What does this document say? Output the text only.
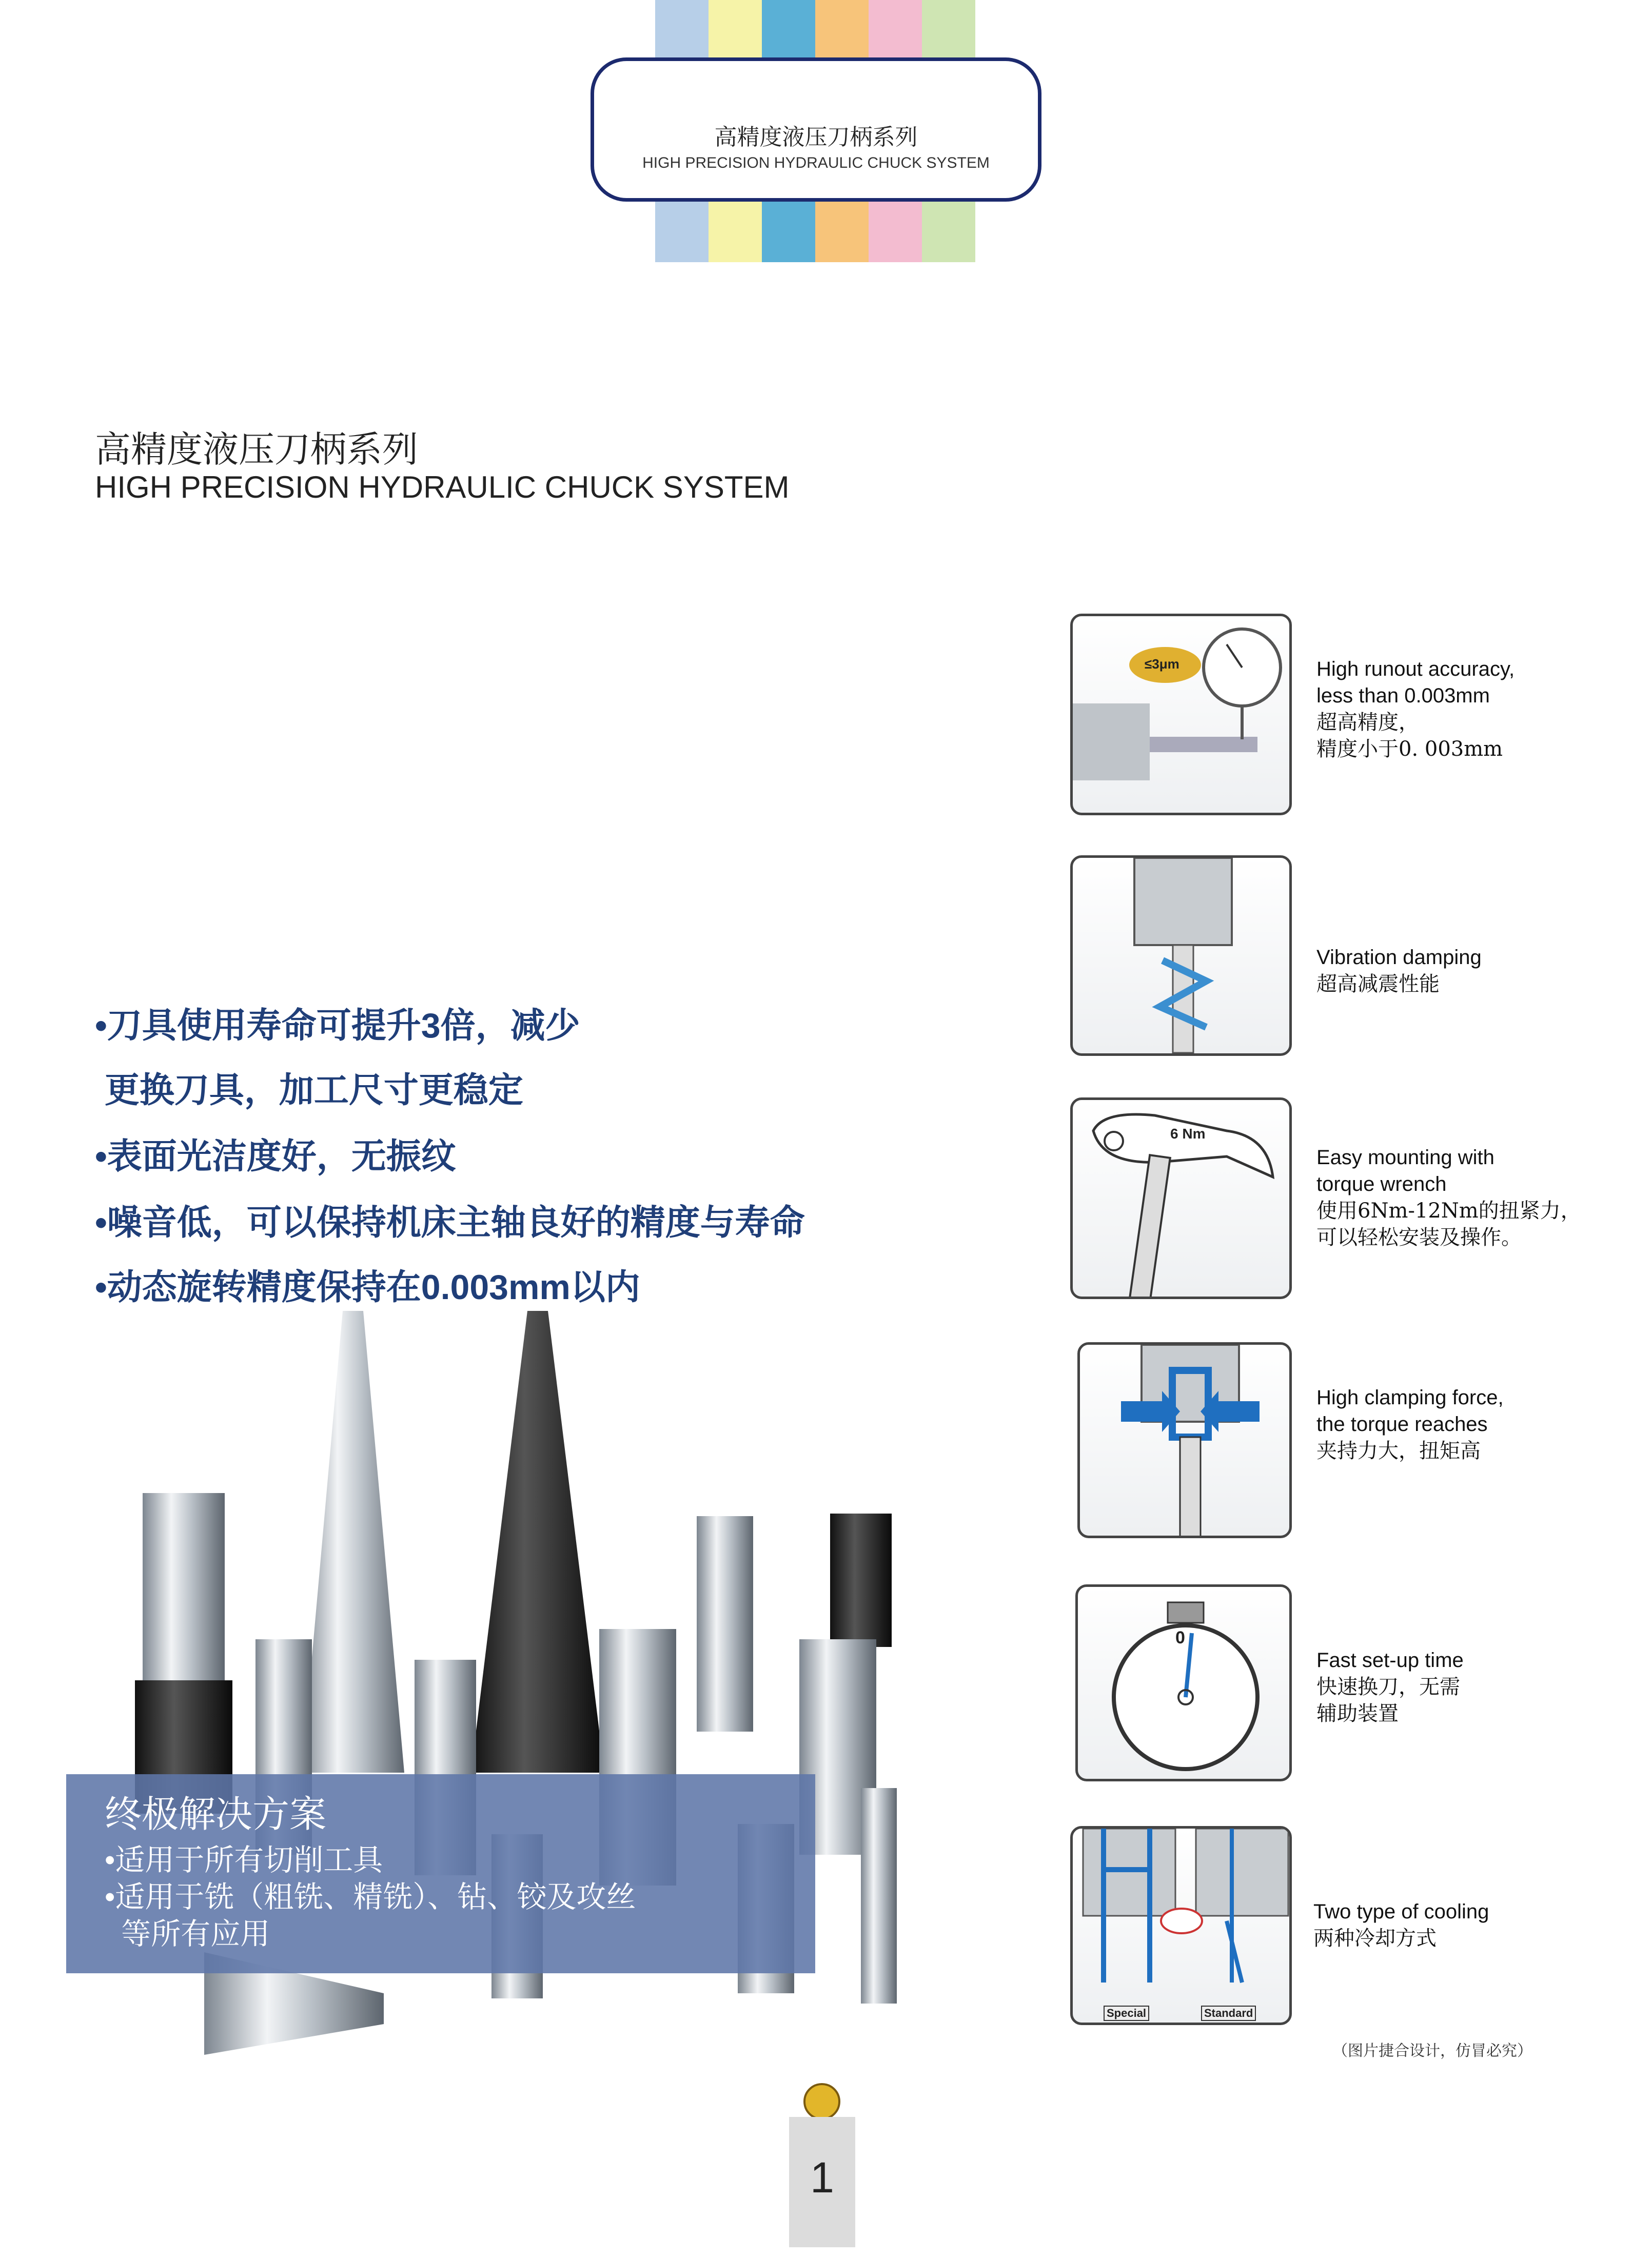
高精度液压刀柄系列
HIGH PRECISION HYDRAULIC CHUCK SYSTEM
高精度液压刀柄系列
HIGH PRECISION HYDRAULIC CHUCK SYSTEM
•刀具使用寿命可提升3倍，减少
更换刀具，加工尺寸更稳定
•表面光洁度好，无振纹
•噪音低，可以保持机床主轴良好的精度与寿命
•动态旋转精度保持在0.003mm以内
终极解决方案
•适用于所有切削工具
•适用于铣（粗铣、精铣）、钻、铰及攻丝
等所有应用
≤3μm	High runout accuracy,
less than 0.003mm
超高精度，
精度小于0. 003mm
Vibration damping
超高减震性能
6 Nm
Easy mounting with
torque wrench
使用6Nm-12Nm的扭紧力，
可以轻松安装及操作。
High clamping force,
the torque reaches
夹持力大，扭矩高
0
Fast set-up time
快速换刀，无需
辅助装置
Special	Standard
Two type of cooling
两种冷却方式
（图片捷合设计，仿冒必究）
1
